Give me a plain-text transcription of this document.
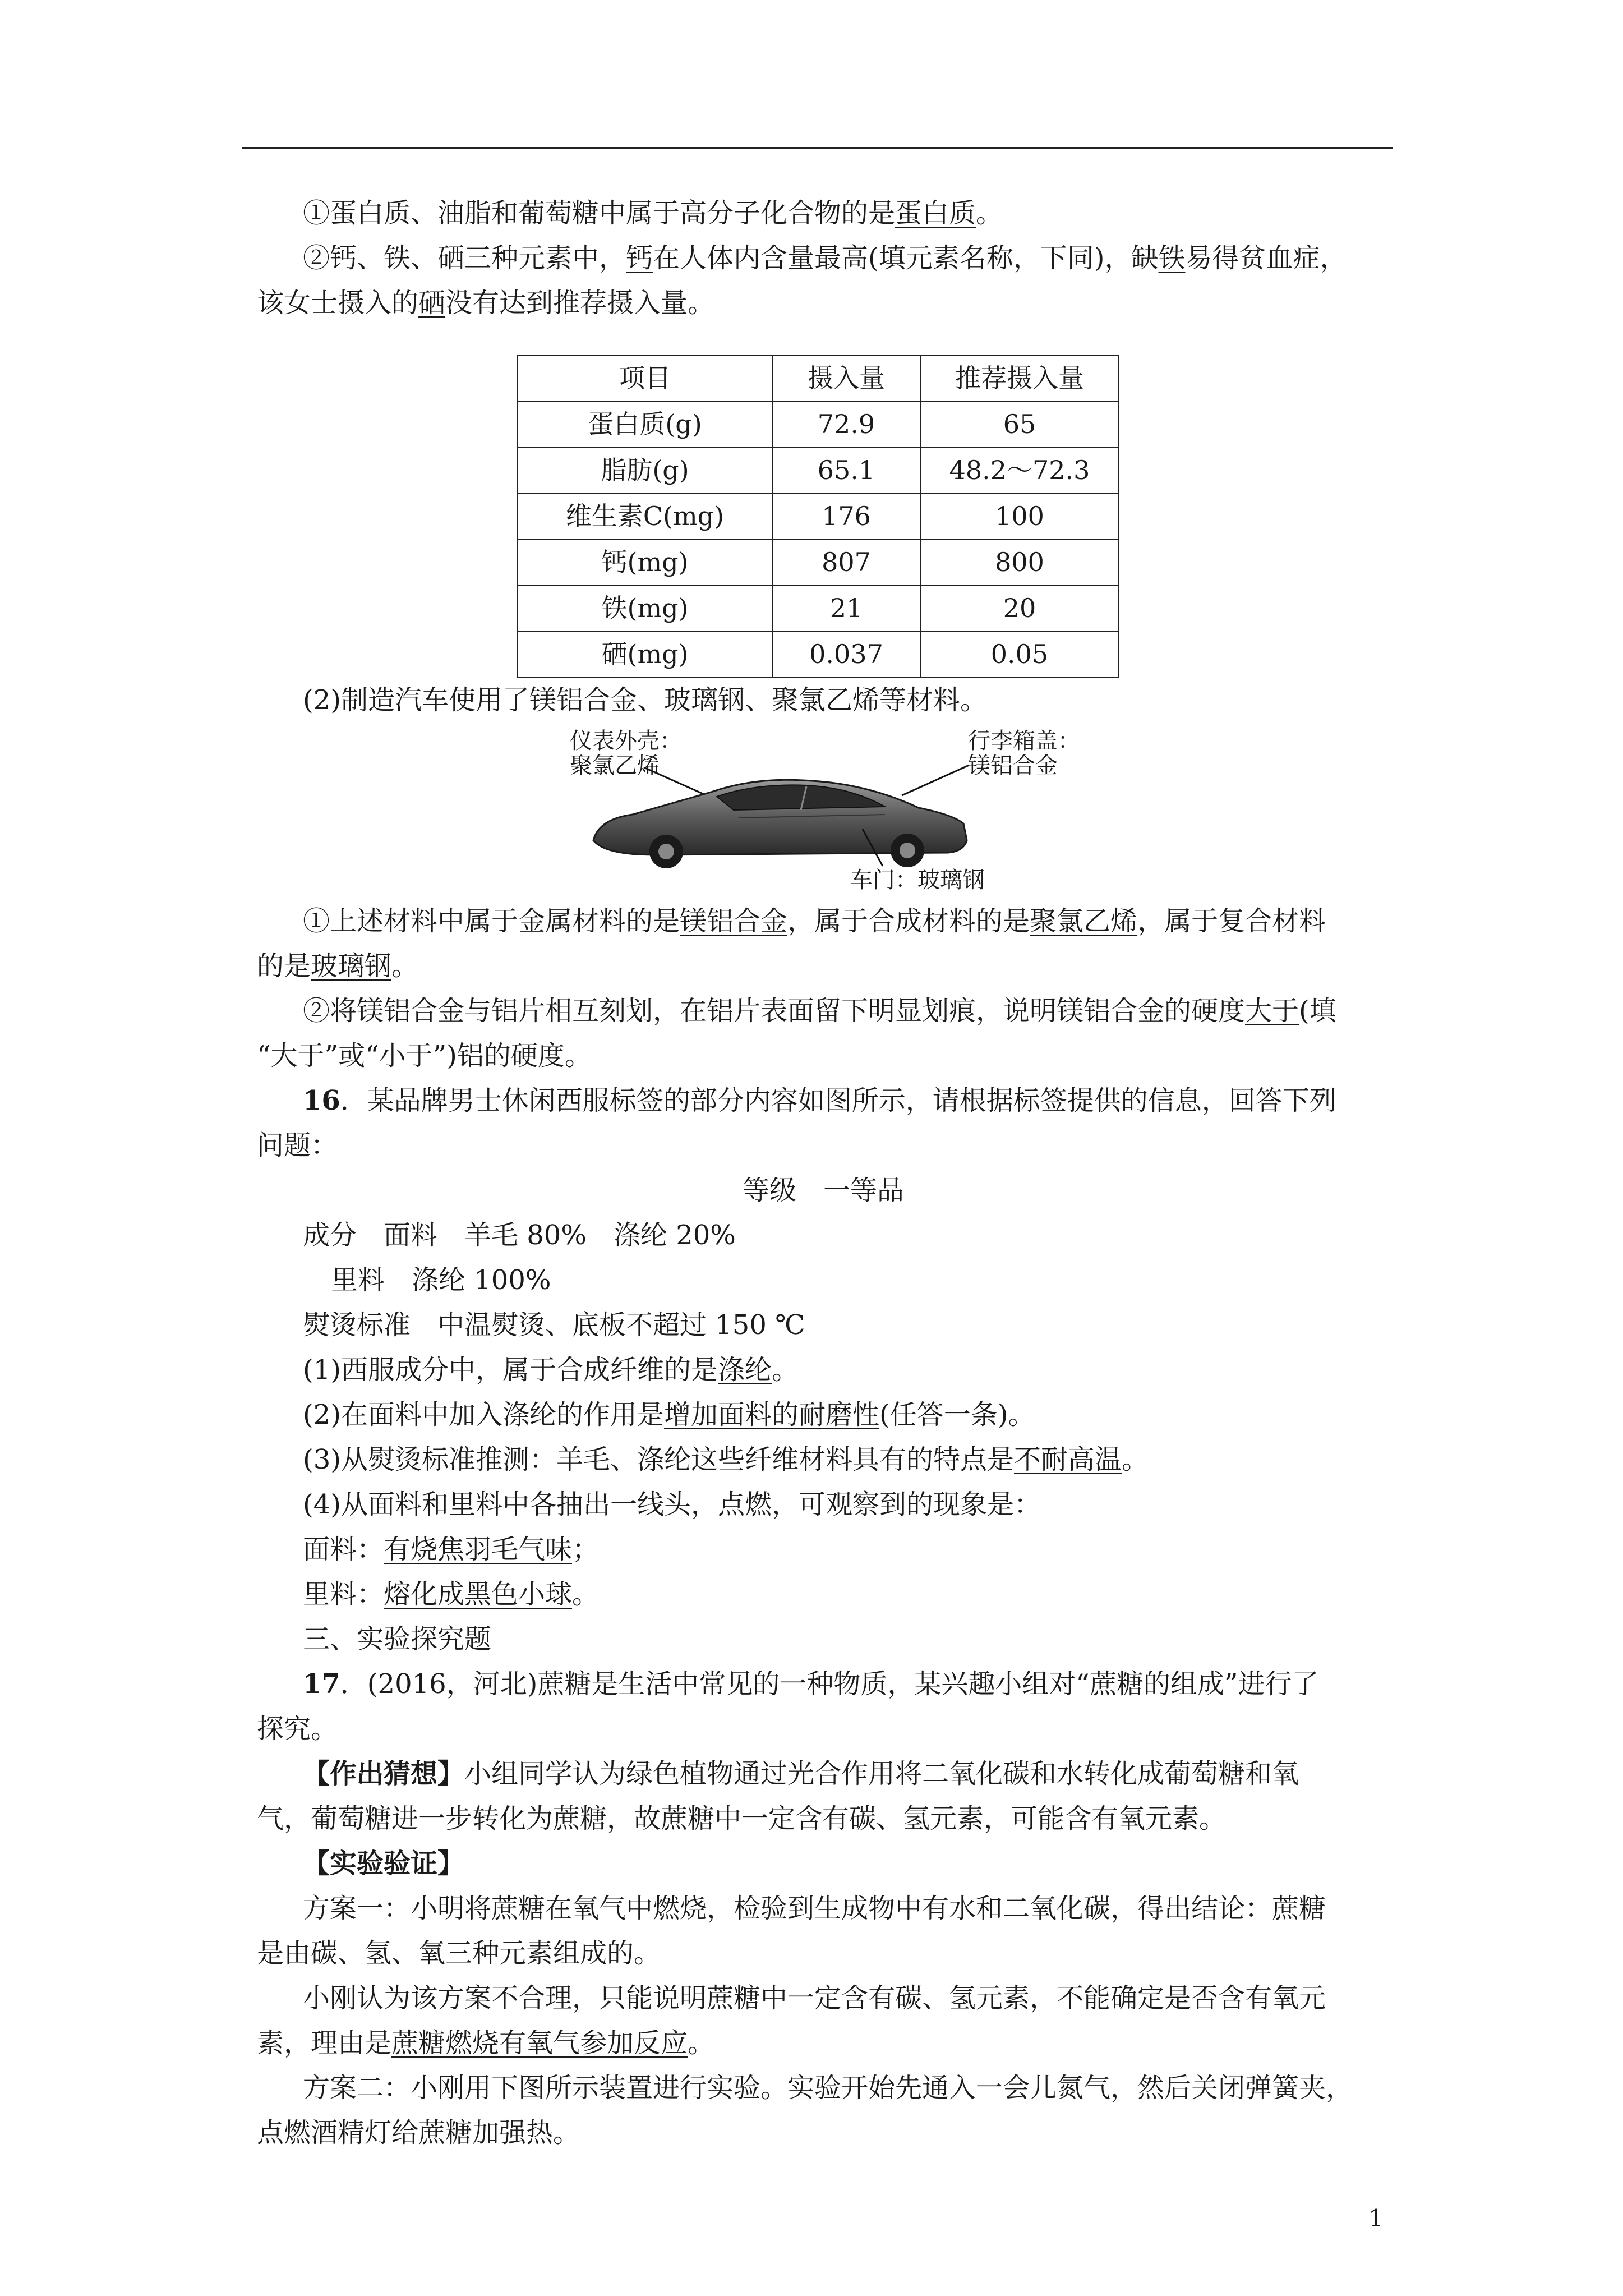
①蛋白质、油脂和葡萄糖中属于高分子化合物的是蛋白质。

②钙、铁、硒三种元素中，钙在人体内含量最高(填元素名称，下同)，缺铁易得贫血症，

该女士摄入的硒没有达到推荐摄入量。

项目	摄入量	推荐摄入量
蛋白质(g)	72.9	65
脂肪(g)	65.1	48.2～72.3
维生素C(mg)	176	100
钙(mg)	807	800
铁(mg)	21	20
硒(mg)	0.037	0.05

(2)制造汽车使用了镁铝合金、玻璃钢、聚氯乙烯等材料。

仪表外壳：
聚氯乙烯
行李箱盖：
镁铝合金
车门：玻璃钢

①上述材料中属于金属材料的是镁铝合金，属于合成材料的是聚氯乙烯，属于复合材料

的是玻璃钢。

②将镁铝合金与铝片相互刻划，在铝片表面留下明显划痕，说明镁铝合金的硬度大于(填

“大于”或“小于”)铝的硬度。

16．某品牌男士休闲西服标签的部分内容如图所示，请根据标签提供的信息，回答下列

问题：

等级　一等品

成分　面料　羊毛 80%　涤纶 20%

里料　涤纶 100%

熨烫标准　中温熨烫、底板不超过 150 ℃

(1)西服成分中，属于合成纤维的是涤纶。

(2)在面料中加入涤纶的作用是增加面料的耐磨性(任答一条)。

(3)从熨烫标准推测：羊毛、涤纶这些纤维材料具有的特点是不耐高温。

(4)从面料和里料中各抽出一线头，点燃，可观察到的现象是：

面料：有烧焦羽毛气味；

里料：熔化成黑色小球。

三、实验探究题

17．(2016，河北)蔗糖是生活中常见的一种物质，某兴趣小组对“蔗糖的组成”进行了

探究。

【作出猜想】小组同学认为绿色植物通过光合作用将二氧化碳和水转化成葡萄糖和氧

气，葡萄糖进一步转化为蔗糖，故蔗糖中一定含有碳、氢元素，可能含有氧元素。

【实验验证】

方案一：小明将蔗糖在氧气中燃烧，检验到生成物中有水和二氧化碳，得出结论：蔗糖

是由碳、氢、氧三种元素组成的。

小刚认为该方案不合理，只能说明蔗糖中一定含有碳、氢元素，不能确定是否含有氧元

素，理由是蔗糖燃烧有氧气参加反应。

方案二：小刚用下图所示装置进行实验。实验开始先通入一会儿氮气，然后关闭弹簧夹，

点燃酒精灯给蔗糖加强热。

1
